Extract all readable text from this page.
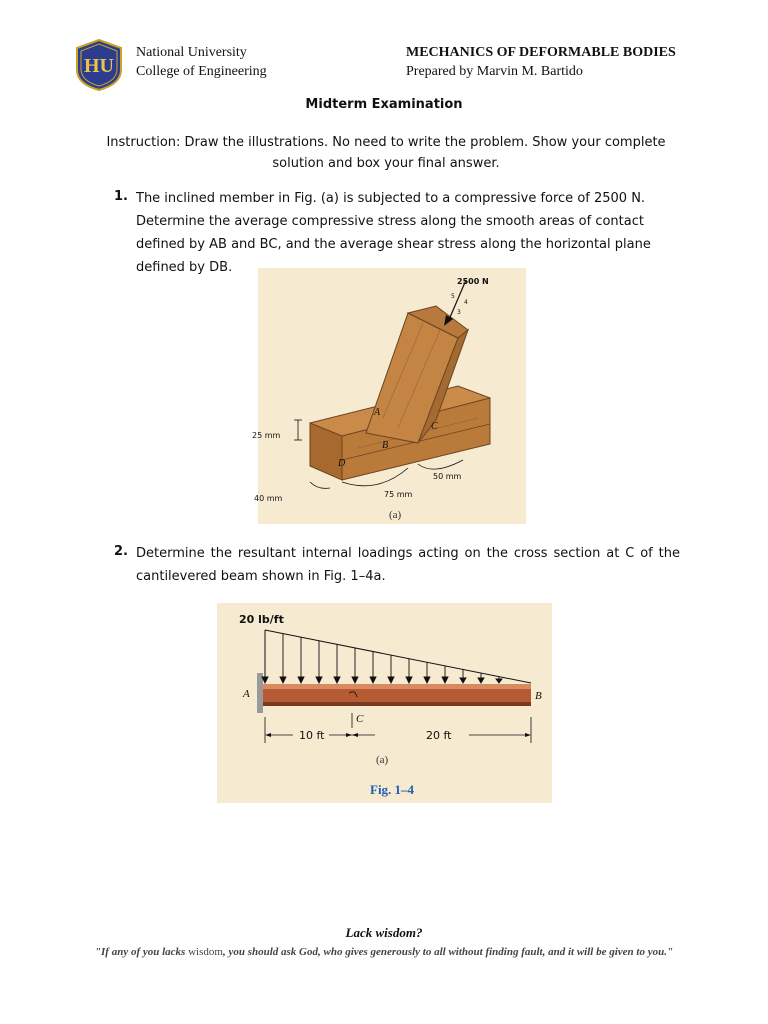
HU
National University
College of Engineering
MECHANICS OF DEFORMABLE BODIES
Prepared by Marvin M. Bartido
Midterm Examination
Instruction: Draw the illustrations. No need to write the problem. Show your complete solution and box your final answer.
1. The inclined member in Fig. (a) is subjected to a compressive force of 2500 N. Determine the average compressive stress along the smooth areas of contact defined by AB and BC, and the average shear stress along the horizontal plane defined by DB.
2500 N
5
4
3
A
B
C
D
25 mm
40 mm	75 mm
50 mm
(a)
2. Determine the resultant internal loadings acting on the cross section at C of the cantilevered beam shown in Fig. 1–4a.
20 lb/ft
A	B
C
10 ft	20 ft
(a)
Fig. 1–4
Lack wisdom?
"If any of you lacks wisdom, you should ask God, who gives generously to all without finding fault, and it will be given to you."
